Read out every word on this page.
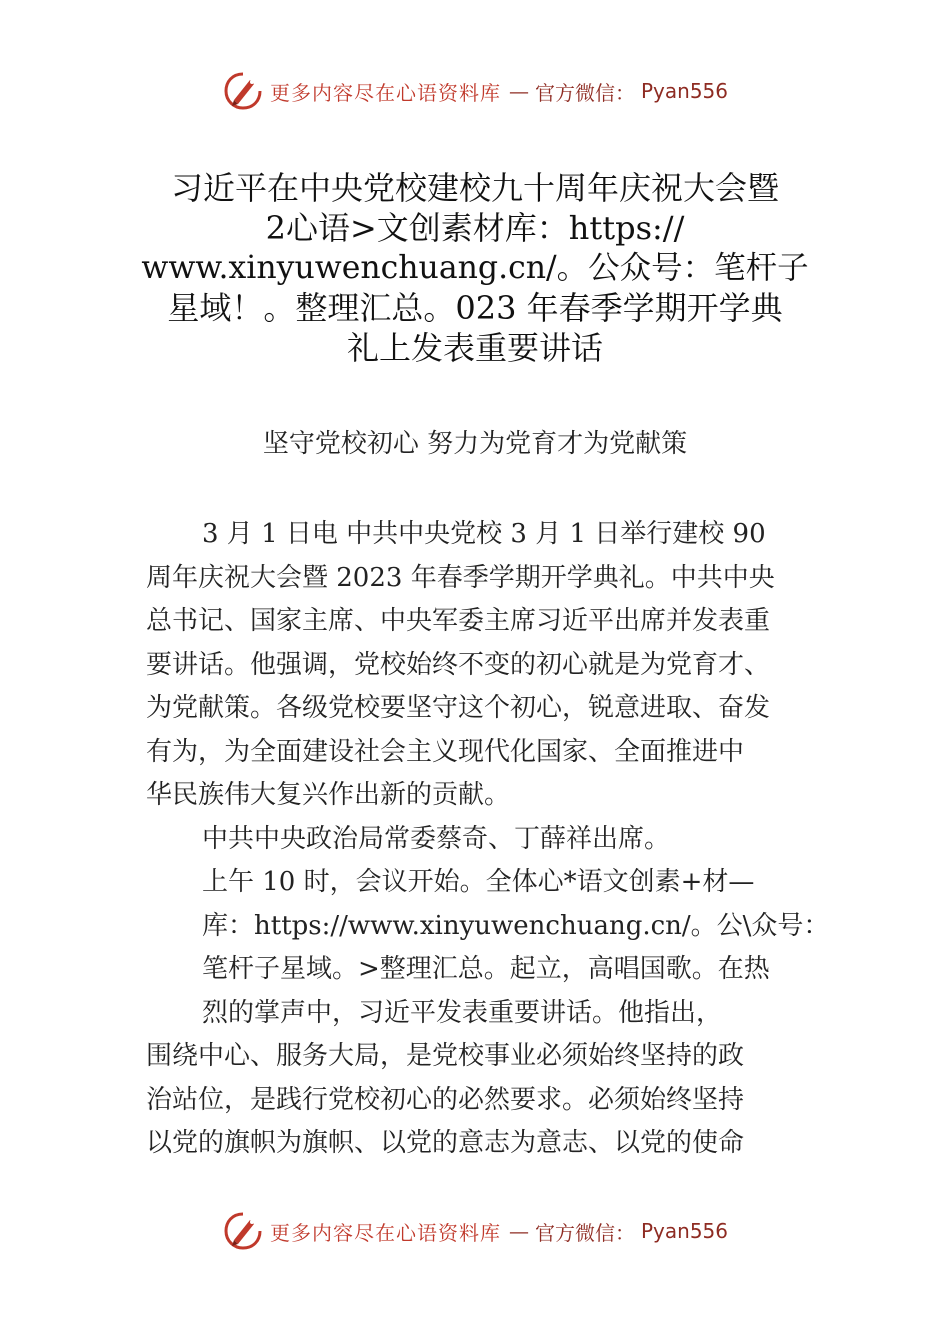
更多内容尽在心语资料库 — 官方微信： Pyan556
习近平在中央党校建校九十周年庆祝大会暨
2心语>文创素材库：https://
www.xinyuwenchuang.cn/。公众号：笔杆子
星域！。整理汇总。023 年春季学期开学典
礼上发表重要讲话
坚守党校初心 努力为党育才为党献策
3 月 1 日电 中共中央党校 3 月 1 日举行建校 90
周年庆祝大会暨 2023 年春季学期开学典礼。中共中央
总书记、国家主席、中央军委主席习近平出席并发表重
要讲话。他强调，党校始终不变的初心就是为党育才、
为党献策。各级党校要坚守这个初心，锐意进取、奋发
有为，为全面建设社会主义现代化国家、全面推进中
华民族伟大复兴作出新的贡献。
中共中央政治局常委蔡奇、丁薛祥出席。
上午 10 时，会议开始。全体心*语文创素+材—
库：https://www.xinyuwenchuang.cn/。公\众号：
笔杆子星域。>整理汇总。起立，高唱国歌。在热
烈的掌声中，习近平发表重要讲话。他指出，
围绕中心、服务大局，是党校事业必须始终坚持的政
治站位，是践行党校初心的必然要求。必须始终坚持
以党的旗帜为旗帜、以党的意志为意志、以党的使命
更多内容尽在心语资料库 — 官方微信： Pyan556
